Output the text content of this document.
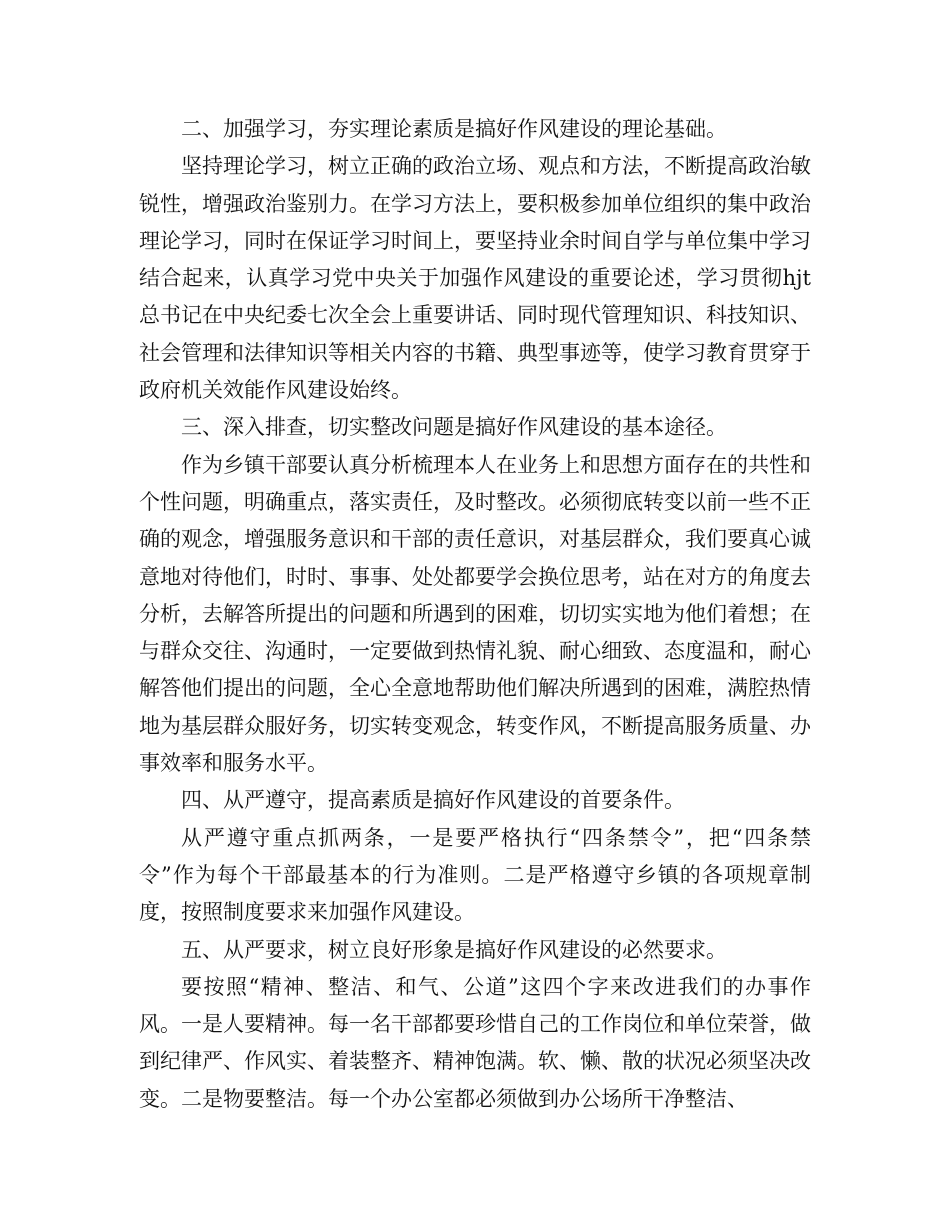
二、加强学习，夯实理论素质是搞好作风建设的理论基础。

坚持理论学习，树立正确的政治立场、观点和方法，不断提高政治敏锐性，增强政治鉴别力。在学习方法上，要积极参加单位组织的集中政治理论学习，同时在保证学习时间上，要坚持业余时间自学与单位集中学习结合起来，认真学习党中央关于加强作风建设的重要论述，学习贯彻hjt总书记在中央纪委七次全会上重要讲话、同时现代管理知识、科技知识、社会管理和法律知识等相关内容的书籍、典型事迹等，使学习教育贯穿于政府机关效能作风建设始终。

三、深入排查，切实整改问题是搞好作风建设的基本途径。

作为乡镇干部要认真分析梳理本人在业务上和思想方面存在的共性和个性问题，明确重点，落实责任，及时整改。必须彻底转变以前一些不正确的观念，增强服务意识和干部的责任意识，对基层群众，我们要真心诚意地对待他们，时时、事事、处处都要学会换位思考，站在对方的角度去分析，去解答所提出的问题和所遇到的困难，切切实实地为他们着想；在与群众交往、沟通时，一定要做到热情礼貌、耐心细致、态度温和，耐心解答他们提出的问题，全心全意地帮助他们解决所遇到的困难，满腔热情地为基层群众服好务，切实转变观念，转变作风，不断提高服务质量、办事效率和服务水平。

四、从严遵守，提高素质是搞好作风建设的首要条件。

从严遵守重点抓两条，一是要严格执行“四条禁令”，把“四条禁令”作为每个干部最基本的行为准则。二是严格遵守乡镇的各项规章制度，按照制度要求来加强作风建设。

五、从严要求，树立良好形象是搞好作风建设的必然要求。

要按照“精神、整洁、和气、公道”这四个字来改进我们的办事作风。一是人要精神。每一名干部都要珍惜自己的工作岗位和单位荣誉，做到纪律严、作风实、着装整齐、精神饱满。软、懒、散的状况必须坚决改变。二是物要整洁。每一个办公室都必须做到办公场所干净整洁、
